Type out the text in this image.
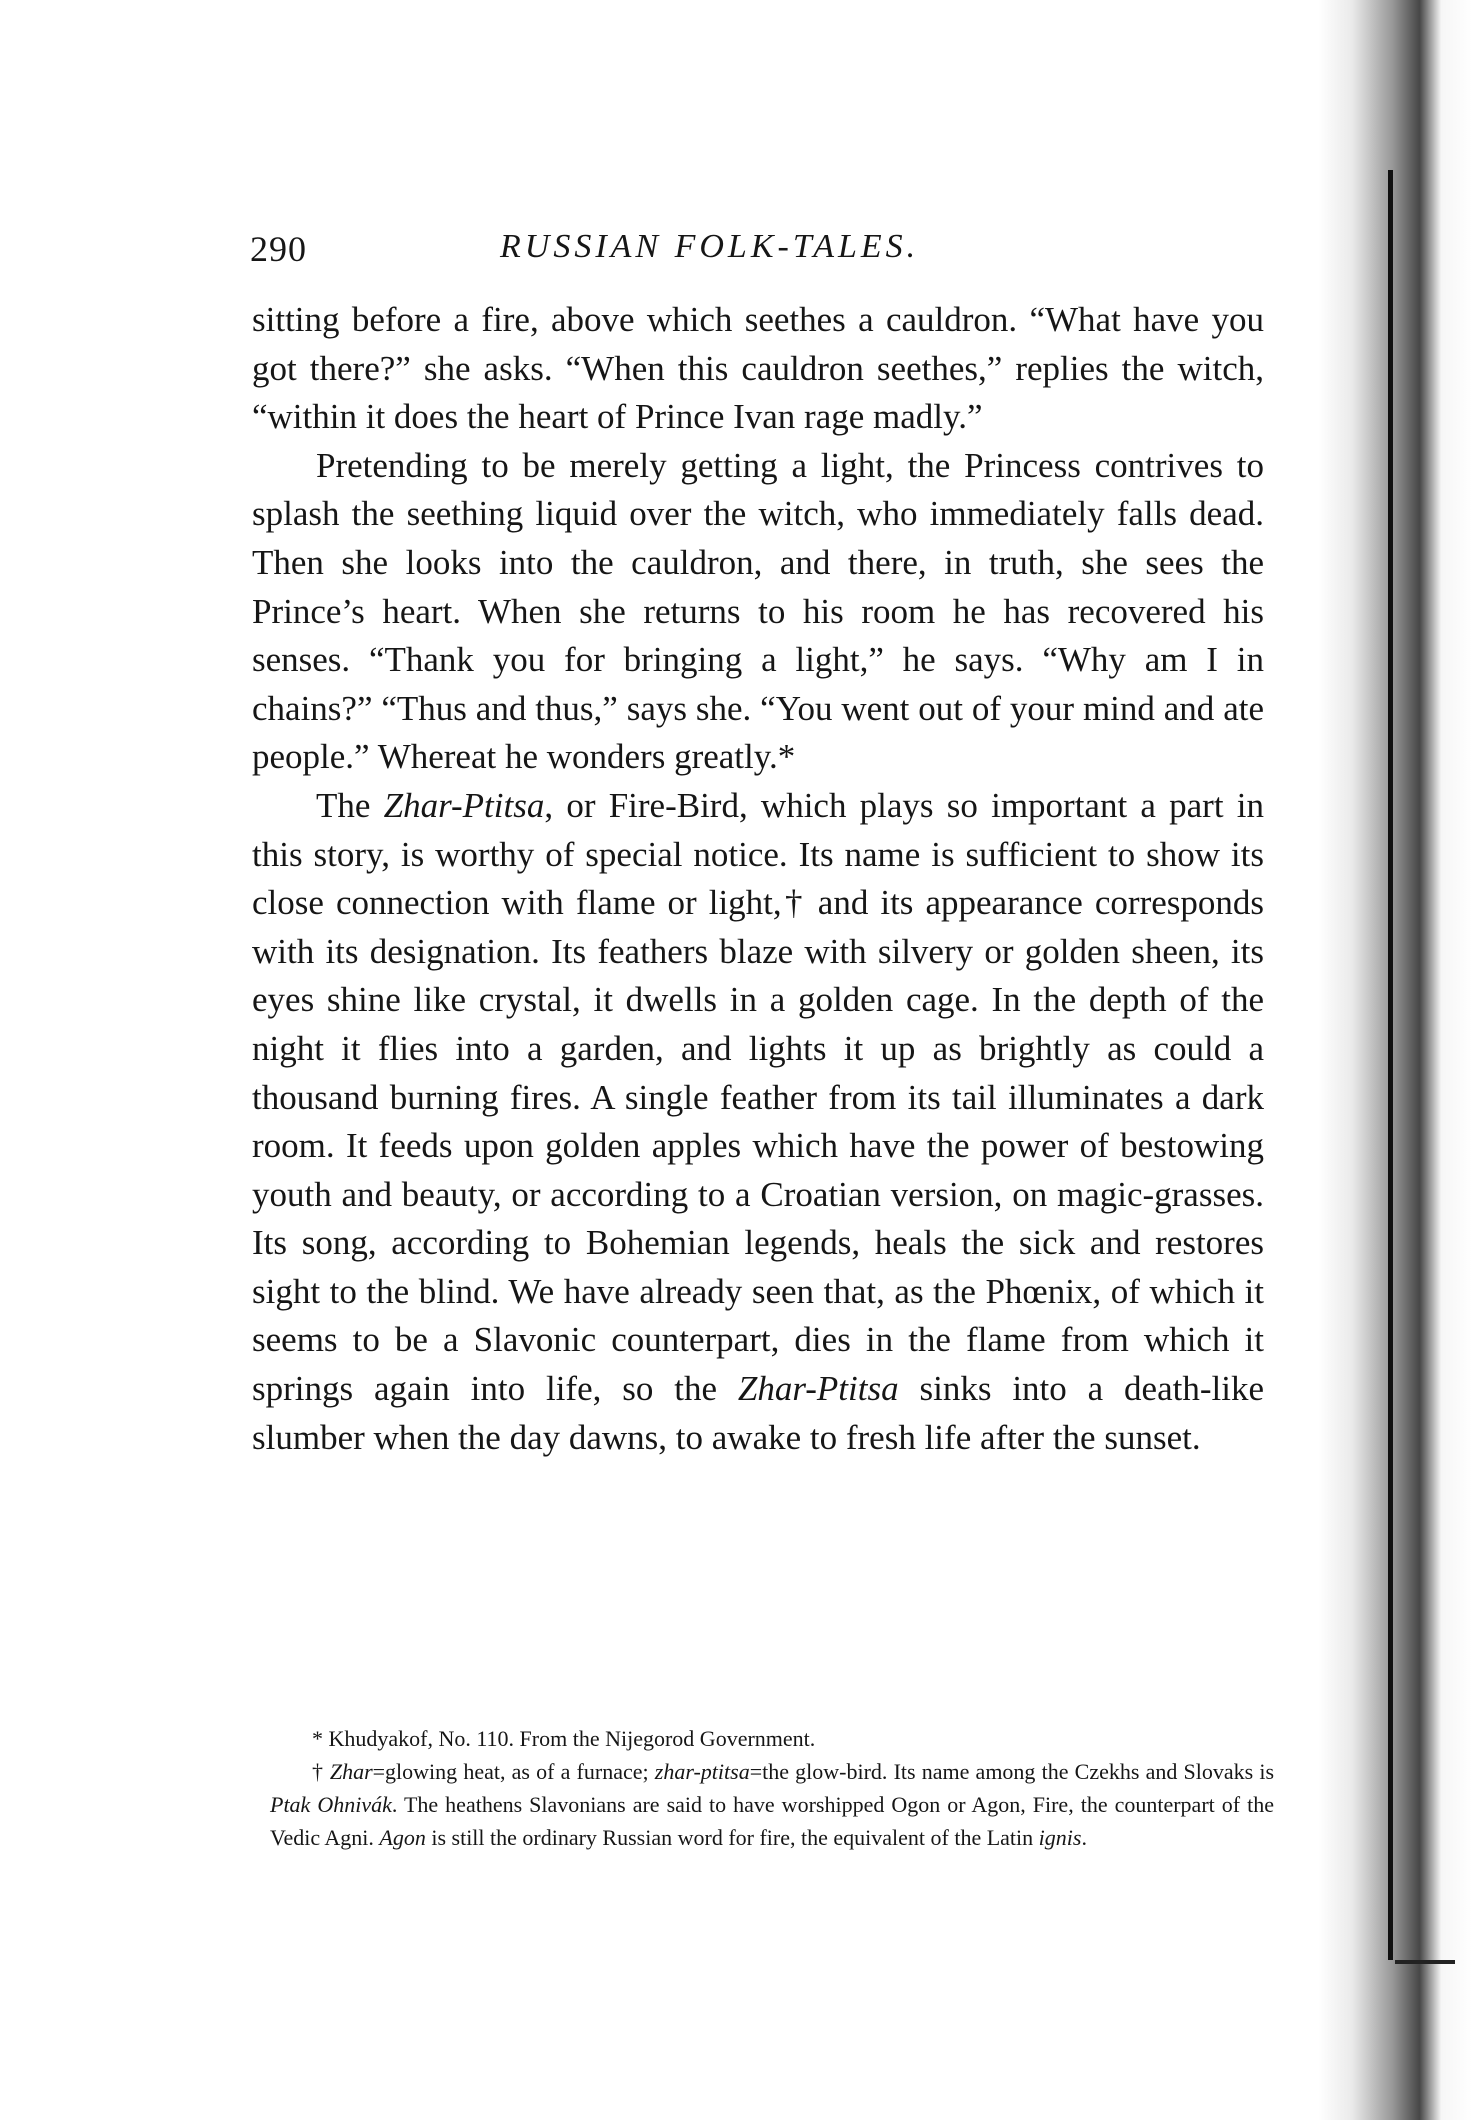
290	RUSSIAN FOLK-TALES.

sitting before a fire, above which seethes a cauldron. “What have you got there?” she asks. “When this cauldron seethes,” replies the witch, “within it does the heart of Prince Ivan rage madly.”

Pretending to be merely getting a light, the Princess contrives to splash the seething liquid over the witch, who immediately falls dead. Then she looks into the cauldron, and there, in truth, she sees the Prince’s heart. When she returns to his room he has recovered his senses. “Thank you for bringing a light,” he says. “Why am I in chains?” “Thus and thus,” says she. “You went out of your mind and ate people.” Whereat he wonders greatly.*

The Zhar-Ptitsa, or Fire-Bird, which plays so important a part in this story, is worthy of special notice. Its name is sufficient to show its close connection with flame or light,† and its appearance corresponds with its designation. Its feathers blaze with silvery or golden sheen, its eyes shine like crystal, it dwells in a golden cage. In the depth of the night it flies into a garden, and lights it up as brightly as could a thousand burning fires. A single feather from its tail illuminates a dark room. It feeds upon golden apples which have the power of bestowing youth and beauty, or according to a Croatian version, on magic-grasses. Its song, according to Bohemian legends, heals the sick and restores sight to the blind. We have already seen that, as the Phœnix, of which it seems to be a Slavonic counterpart, dies in the flame from which it springs again into life, so the Zhar-Ptitsa sinks into a death-like slumber when the day dawns, to awake to fresh life after the sunset.

* Khudyakof, No. 110. From the Nijegorod Government.

† Zhar=glowing heat, as of a furnace; zhar-ptitsa=the glow-bird. Its name among the Czekhs and Slovaks is Ptak Ohnivák. The heathens Slavonians are said to have worshipped Ogon or Agon, Fire, the counterpart of the Vedic Agni. Agon is still the ordinary Russian word for fire, the equivalent of the Latin ignis.
